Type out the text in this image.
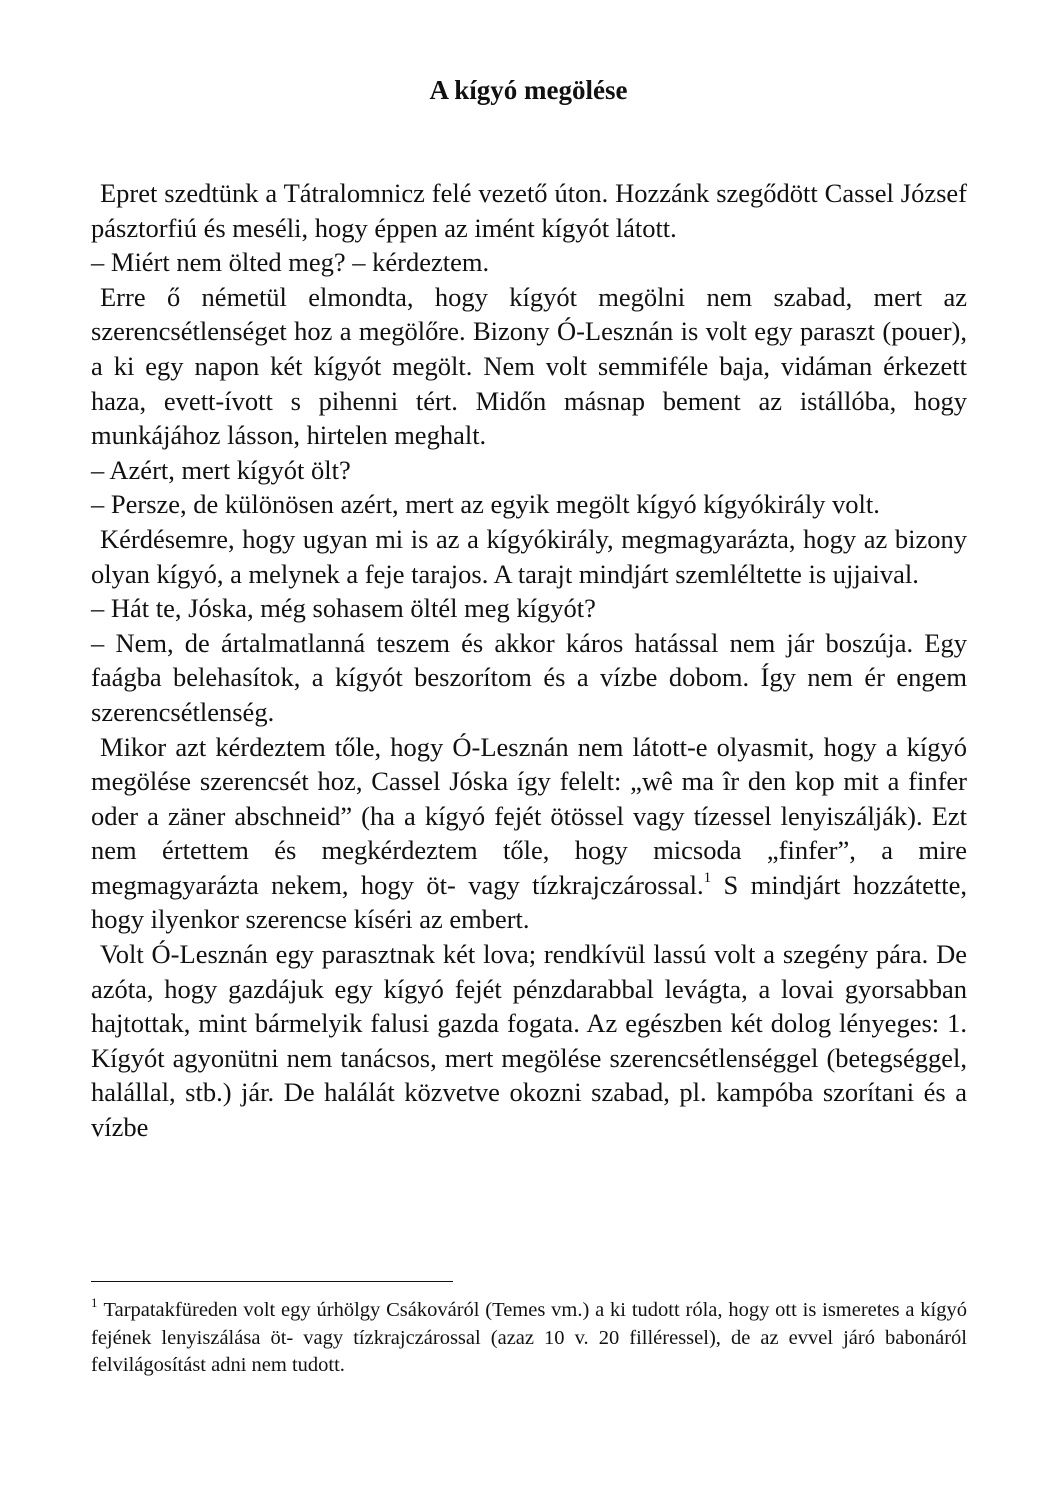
A kígyó megölése

Epret szedtünk a Tátralomnicz felé vezető úton. Hozzánk szegődött Cassel József pásztorfiú és meséli, hogy éppen az imént kígyót látott.

– Miért nem ölted meg? – kérdeztem.

Erre ő németül elmondta, hogy kígyót megölni nem szabad, mert az szerencsétlenséget hoz a megölőre. Bizony Ó-Lesznán is volt egy paraszt (pouer), a ki egy napon két kígyót megölt. Nem volt semmiféle baja, vidáman érkezett haza, evett-ívott s pihenni tért. Midőn másnap bement az istállóba, hogy munkájához lásson, hirtelen meghalt.

– Azért, mert kígyót ölt?

– Persze, de különösen azért, mert az egyik megölt kígyó kígyókirály volt.

Kérdésemre, hogy ugyan mi is az a kígyókirály, megmagyarázta, hogy az bizony olyan kígyó, a melynek a feje tarajos. A tarajt mindjárt szemléltette is ujjaival.

– Hát te, Jóska, még sohasem öltél meg kígyót?

– Nem, de ártalmatlanná teszem és akkor káros hatással nem jár boszúja. Egy faágba belehasítok, a kígyót beszorítom és a vízbe dobom. Így nem ér engem szerencsétlenség.

Mikor azt kérdeztem tőle, hogy Ó-Lesznán nem látott-e olyasmit, hogy a kígyó megölése szerencsét hoz, Cassel Jóska így felelt: „wê ma îr den kop mit a finfer oder a zäner abschneid” (ha a kígyó fejét ötössel vagy tízessel lenyiszálják). Ezt nem értettem és megkérdeztem tőle, hogy micsoda „finfer”, a mire megmagyarázta nekem, hogy öt- vagy tízkrajczárossal.$^1$ S mindjárt hozzátette, hogy ilyenkor szerencse kíséri az embert.

Volt Ó-Lesznán egy parasztnak két lova; rendkívül lassú volt a szegény pára. De azóta, hogy gazdájuk egy kígyó fejét pénzdarabbal levágta, a lovai gyorsabban hajtottak, mint bármelyik falusi gazda fogata. Az egészben két dolog lényeges: 1. Kígyót agyonütni nem tanácsos, mert megölése szerencsétlenséggel (betegséggel, halállal, stb.) jár. De halálát közvetve okozni szabad, pl. kampóba szorítani és a vízbe

$^1$ Tarpatakfüreden volt egy úrhölgy Csákováról (Temes vm.) a ki tudott róla, hogy ott is ismeretes a kígyó fejének lenyiszálása öt- vagy tízkrajczárossal (azaz 10 v. 20 filléressel), de az evvel járó babonáról felvilágosítást adni nem tudott.
